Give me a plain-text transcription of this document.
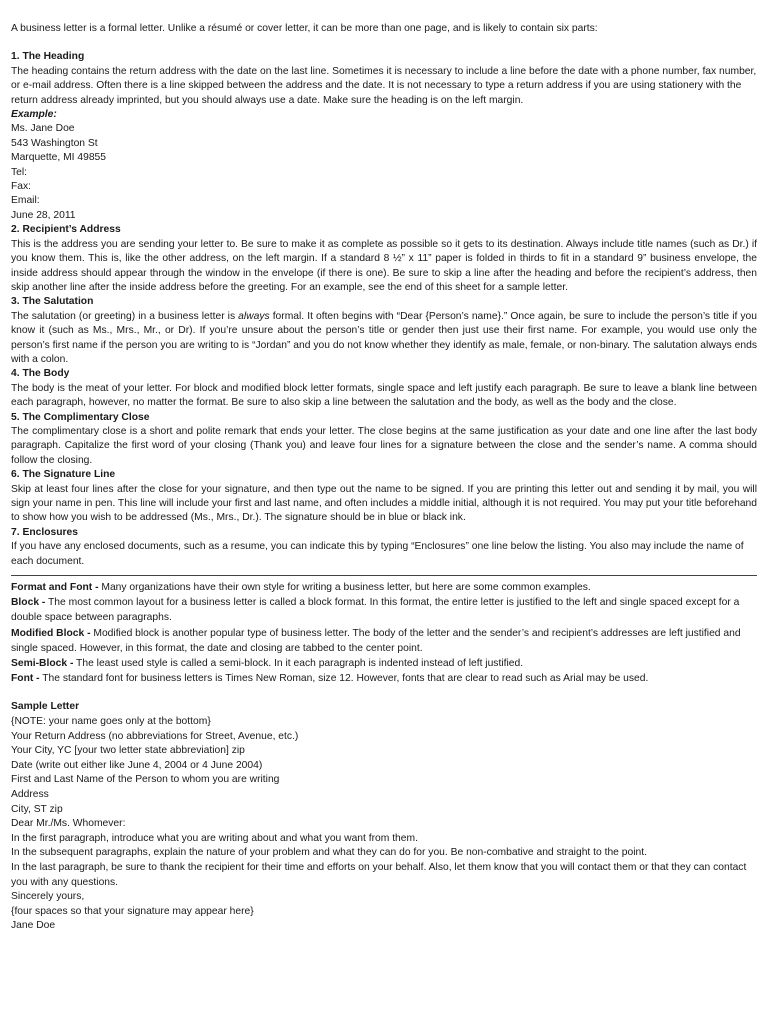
A business letter is a formal letter. Unlike a résumé or cover letter, it can be more than one page, and is likely to contain six parts:

1. The Heading

The heading contains the return address with the date on the last line. Sometimes it is necessary to include a line before the date with a phone number, fax number, or e-mail address. Often there is a line skipped between the address and the date. It is not necessary to type a return address if you are using stationery with the return address already imprinted, but you should always use a date. Make sure the heading is on the left margin.

Example:

Ms. Jane Doe

543 Washington St

Marquette, MI 49855

Tel:

Fax:

Email:

June 28, 2011

2. Recipient’s Address

This is the address you are sending your letter to. Be sure to make it as complete as possible so it gets to its destination. Always include title names (such as Dr.) if you know them. This is, like the other address, on the left margin. If a standard 8 ½” x 11” paper is folded in thirds to fit in a standard 9” business envelope, the inside address should appear through the window in the envelope (if there is one). Be sure to skip a line after the heading and before the recipient’s address, then skip another line after the inside address before the greeting. For an example, see the end of this sheet for a sample letter.

3. The Salutation

The salutation (or greeting) in a business letter is always formal. It often begins with “Dear {Person’s name}.” Once again, be sure to include the person’s title if you know it (such as Ms., Mrs., Mr., or Dr). If you’re unsure about the person’s title or gender then just use their first name. For example, you would use only the person’s first name if the person you are writing to is “Jordan” and you do not know whether they identify as male, female, or non-binary. The salutation always ends with a colon.

4. The Body

The body is the meat of your letter. For block and modified block letter formats, single space and left justify each paragraph. Be sure to leave a blank line between each paragraph, however, no matter the format. Be sure to also skip a line between the salutation and the body, as well as the body and the close.

5. The Complimentary Close

The complimentary close is a short and polite remark that ends your letter. The close begins at the same justification as your date and one line after the last body paragraph. Capitalize the first word of your closing (Thank you) and leave four lines for a signature between the close and the sender’s name. A comma should follow the closing.

6. The Signature Line

Skip at least four lines after the close for your signature, and then type out the name to be signed. If you are printing this letter out and sending it by mail, you will sign your name in pen. This line will include your first and last name, and often includes a middle initial, although it is not required. You may put your title beforehand to show how you wish to be addressed (Ms., Mrs., Dr.). The signature should be in blue or black ink.

7. Enclosures

If you have any enclosed documents, such as a resume, you can indicate this by typing “Enclosures” one line below the listing. You also may include the name of each document.

Format and Font - Many organizations have their own style for writing a business letter, but here are some common examples.

Block - The most common layout for a business letter is called a block format. In this format, the entire letter is justified to the left and single spaced except for a double space between paragraphs.

Modified Block - Modified block is another popular type of business letter. The body of the letter and the sender’s and recipient’s addresses are left justified and single spaced. However, in this format, the date and closing are tabbed to the center point.

Semi-Block - The least used style is called a semi-block. In it each paragraph is indented instead of left justified.

Font - The standard font for business letters is Times New Roman, size 12. However, fonts that are clear to read such as Arial may be used.

Sample Letter

{NOTE: your name goes only at the bottom}

Your Return Address (no abbreviations for Street, Avenue, etc.)

Your City, YC [your two letter state abbreviation] zip

Date (write out either like June 4, 2004 or 4 June 2004)

First and Last Name of the Person to whom you are writing

Address

City, ST zip

Dear Mr./Ms. Whomever:

In the first paragraph, introduce what you are writing about and what you want from them.

In the subsequent paragraphs, explain the nature of your problem and what they can do for you. Be non-combative and straight to the point.

In the last paragraph, be sure to thank the recipient for their time and efforts on your behalf. Also, let them know that you will contact them or that they can contact you with any questions.

Sincerely yours,

{four spaces so that your signature may appear here}

Jane Doe
